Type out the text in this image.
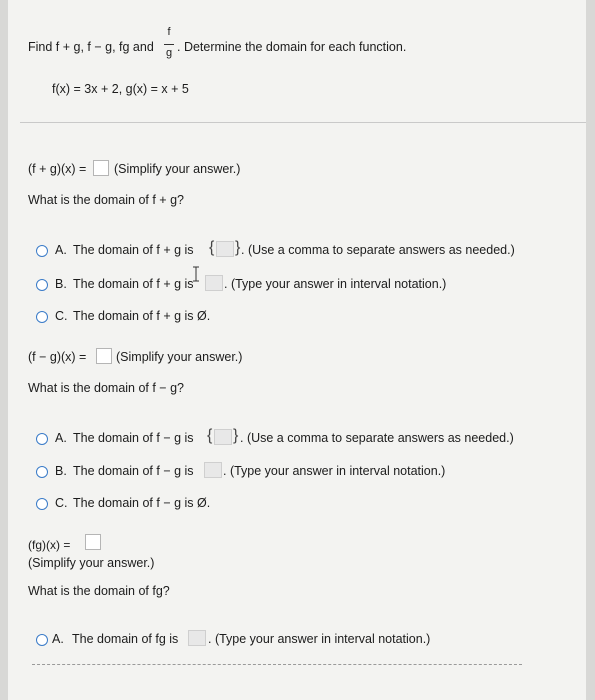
Find f + g, f − g, fg and
f
g . Determine the domain for each function.
f(x) = 3x + 2, g(x) = x + 5
(f + g)(x) = (Simplify your answer.)
What is the domain of f + g?
A. The domain of f + g is { } . (Use a comma to separate answers as needed.)
B. The domain of f + g is . (Type your answer in interval notation.)
C. The domain of f + g is Ø.
(f − g)(x) = (Simplify your answer.)
What is the domain of f − g?
A. The domain of f − g is { } . (Use a comma to separate answers as needed.)
B. The domain of f − g is . (Type your answer in interval notation.)
C. The domain of f − g is Ø.
(fg)(x) =
(Simplify your answer.)
What is the domain of fg?
A. The domain of fg is . (Type your answer in interval notation.)
